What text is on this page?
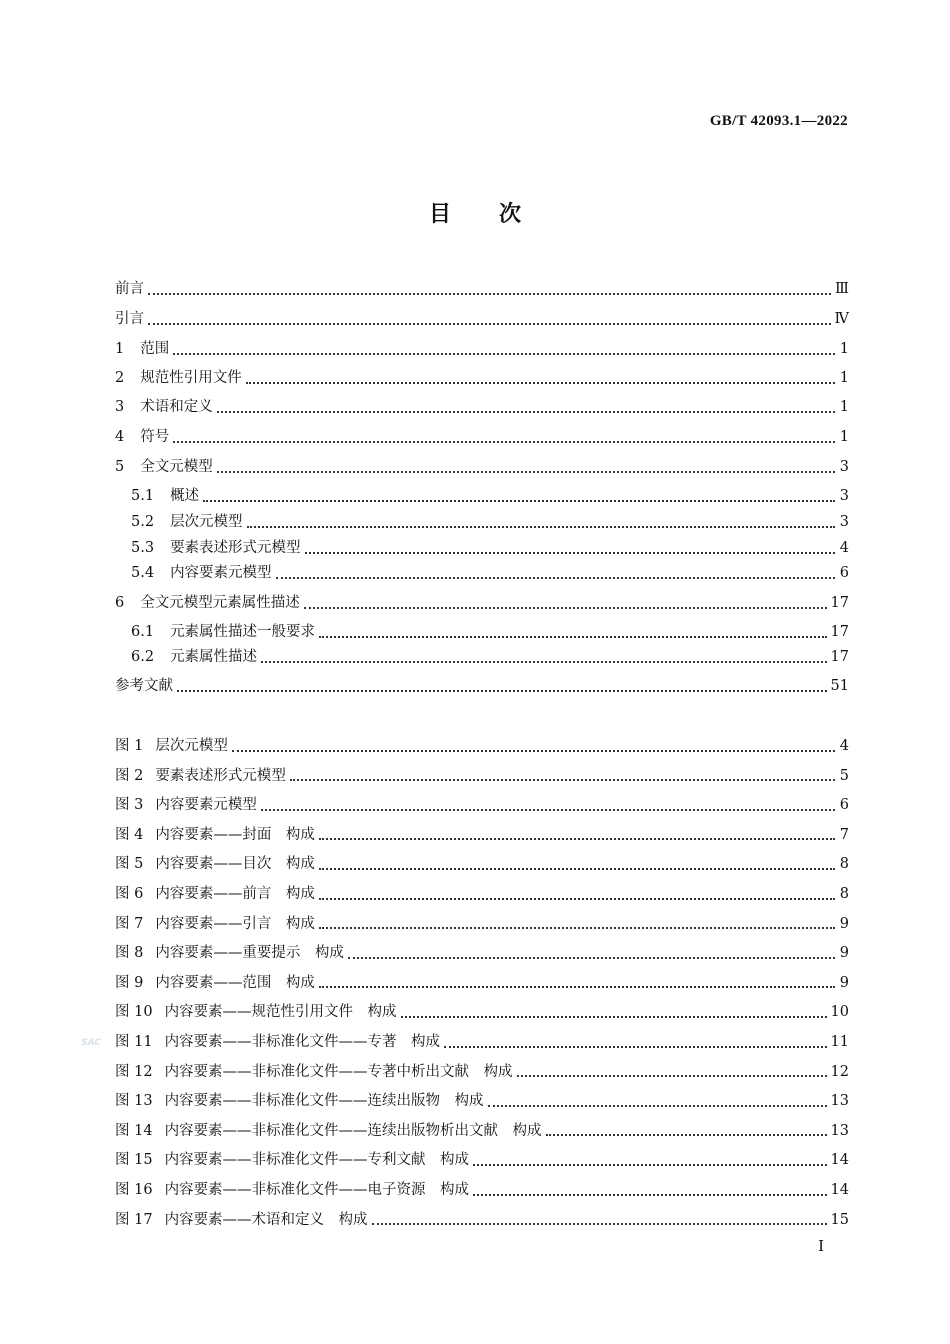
GB/T 42093.1—2022
目次
前言	Ⅲ
引言	Ⅳ
1 范围	1
2 规范性引用文件	1
3 术语和定义	1
4 符号	1
5 全文元模型	3
5.1 概述	3
5.2 层次元模型	3
5.3 要素表述形式元模型	4
5.4 内容要素元模型	6
6 全文元模型元素属性描述	17
6.1 元素属性描述一般要求	17
6.2 元素属性描述	17
参考文献	51
图 1 层次元模型	4
图 2 要素表述形式元模型	5
图 3 内容要素元模型	6
图 4 内容要素——封面　构成	7
图 5 内容要素——目次　构成	8
图 6 内容要素——前言　构成	8
图 7 内容要素——引言　构成	9
图 8 内容要素——重要提示　构成	9
图 9 内容要素——范围　构成	9
图 10 内容要素——规范性引用文件　构成	10
图 11 内容要素——非标准化文件——专著　构成	11
图 12 内容要素——非标准化文件——专著中析出文献　构成	12
图 13 内容要素——非标准化文件——连续出版物　构成	13
图 14 内容要素——非标准化文件——连续出版物析出文献　构成	13
图 15 内容要素——非标准化文件——专利文献　构成	14
图 16 内容要素——非标准化文件——电子资源　构成	14
图 17 内容要素——术语和定义　构成	15
SAC
I
